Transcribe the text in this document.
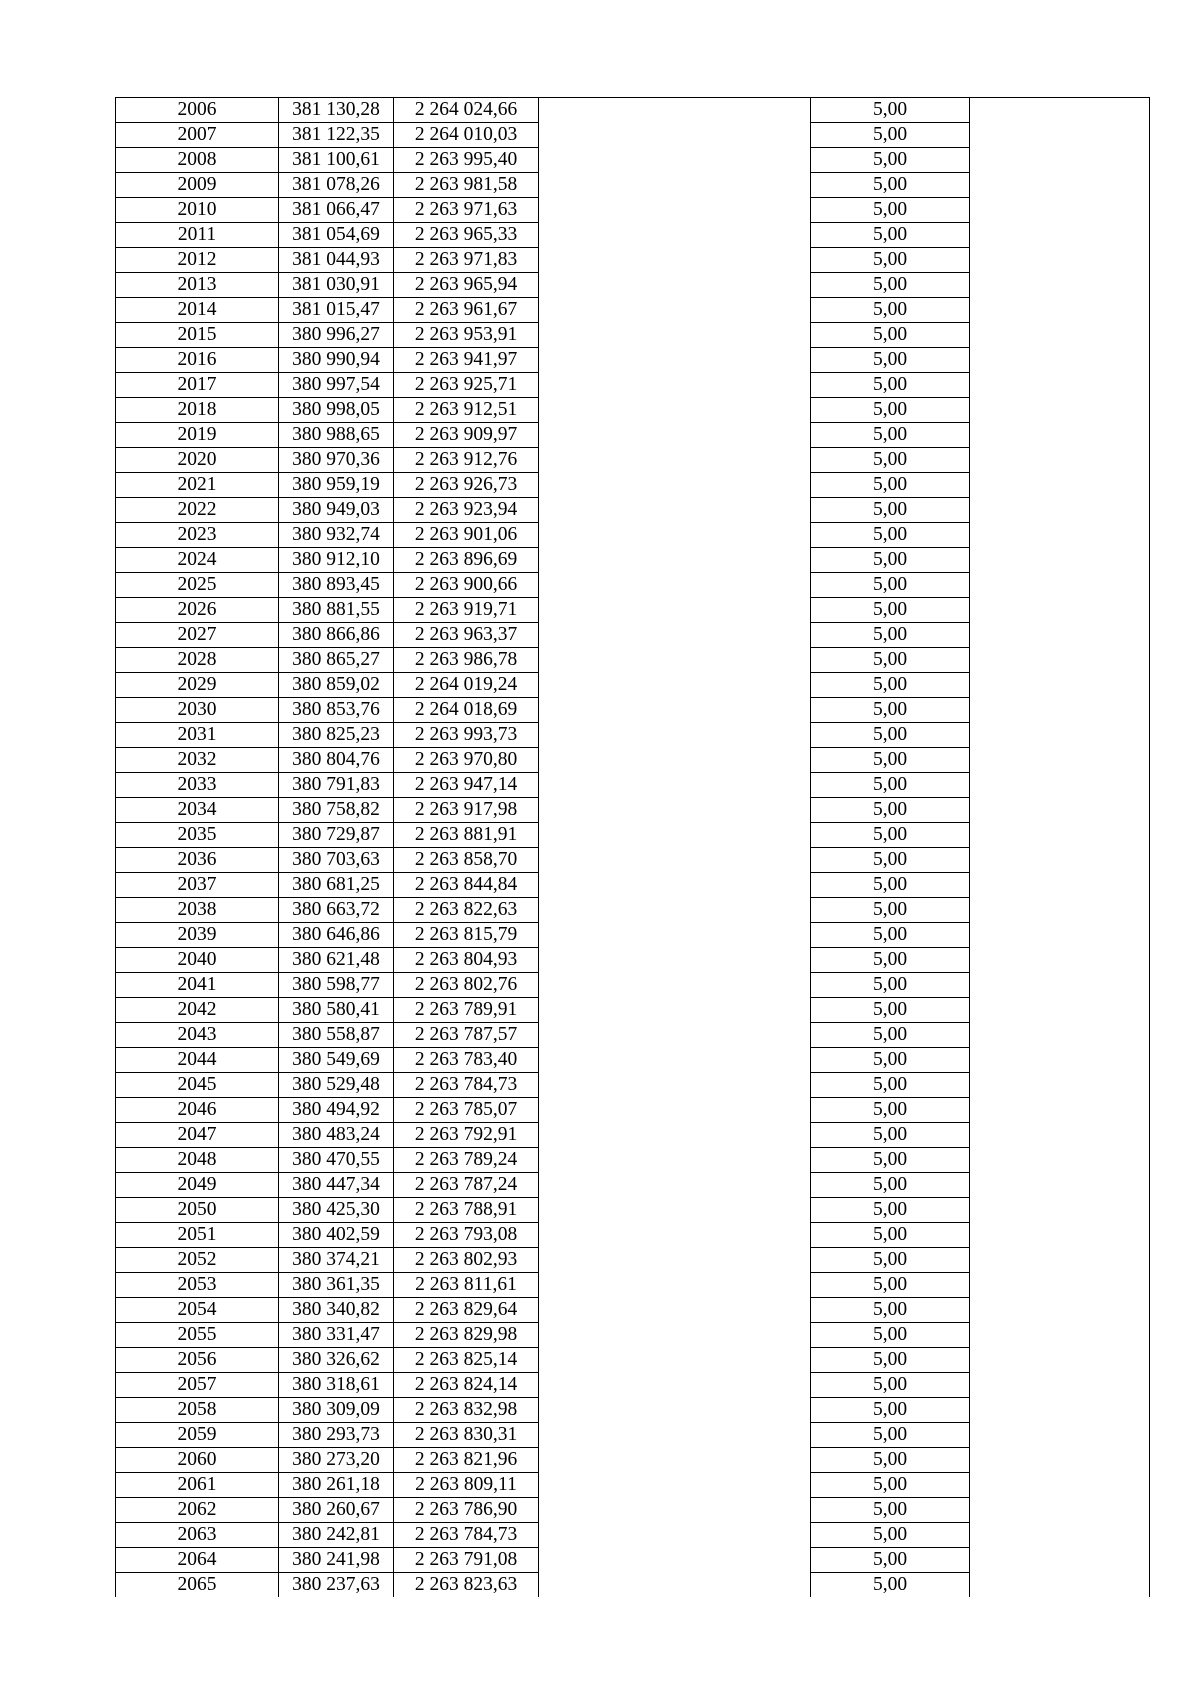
2006	381 130,28	2 264 024,66		5,00	
2007	381 122,35	2 264 010,03		5,00	
2008	381 100,61	2 263 995,40		5,00	
2009	381 078,26	2 263 981,58		5,00	
2010	381 066,47	2 263 971,63		5,00	
2011	381 054,69	2 263 965,33		5,00	
2012	381 044,93	2 263 971,83		5,00	
2013	381 030,91	2 263 965,94		5,00	
2014	381 015,47	2 263 961,67		5,00	
2015	380 996,27	2 263 953,91		5,00	
2016	380 990,94	2 263 941,97		5,00	
2017	380 997,54	2 263 925,71		5,00	
2018	380 998,05	2 263 912,51		5,00	
2019	380 988,65	2 263 909,97		5,00	
2020	380 970,36	2 263 912,76		5,00	
2021	380 959,19	2 263 926,73		5,00	
2022	380 949,03	2 263 923,94		5,00	
2023	380 932,74	2 263 901,06		5,00	
2024	380 912,10	2 263 896,69		5,00	
2025	380 893,45	2 263 900,66		5,00	
2026	380 881,55	2 263 919,71		5,00	
2027	380 866,86	2 263 963,37		5,00	
2028	380 865,27	2 263 986,78		5,00	
2029	380 859,02	2 264 019,24		5,00	
2030	380 853,76	2 264 018,69		5,00	
2031	380 825,23	2 263 993,73		5,00	
2032	380 804,76	2 263 970,80		5,00	
2033	380 791,83	2 263 947,14		5,00	
2034	380 758,82	2 263 917,98		5,00	
2035	380 729,87	2 263 881,91		5,00	
2036	380 703,63	2 263 858,70		5,00	
2037	380 681,25	2 263 844,84		5,00	
2038	380 663,72	2 263 822,63		5,00	
2039	380 646,86	2 263 815,79		5,00	
2040	380 621,48	2 263 804,93		5,00	
2041	380 598,77	2 263 802,76		5,00	
2042	380 580,41	2 263 789,91		5,00	
2043	380 558,87	2 263 787,57		5,00	
2044	380 549,69	2 263 783,40		5,00	
2045	380 529,48	2 263 784,73		5,00	
2046	380 494,92	2 263 785,07		5,00	
2047	380 483,24	2 263 792,91		5,00	
2048	380 470,55	2 263 789,24		5,00	
2049	380 447,34	2 263 787,24		5,00	
2050	380 425,30	2 263 788,91		5,00	
2051	380 402,59	2 263 793,08		5,00	
2052	380 374,21	2 263 802,93		5,00	
2053	380 361,35	2 263 811,61		5,00	
2054	380 340,82	2 263 829,64		5,00	
2055	380 331,47	2 263 829,98		5,00	
2056	380 326,62	2 263 825,14		5,00	
2057	380 318,61	2 263 824,14		5,00	
2058	380 309,09	2 263 832,98		5,00	
2059	380 293,73	2 263 830,31		5,00	
2060	380 273,20	2 263 821,96		5,00	
2061	380 261,18	2 263 809,11		5,00	
2062	380 260,67	2 263 786,90		5,00	
2063	380 242,81	2 263 784,73		5,00	
2064	380 241,98	2 263 791,08		5,00	
2065	380 237,63	2 263 823,63		5,00	
